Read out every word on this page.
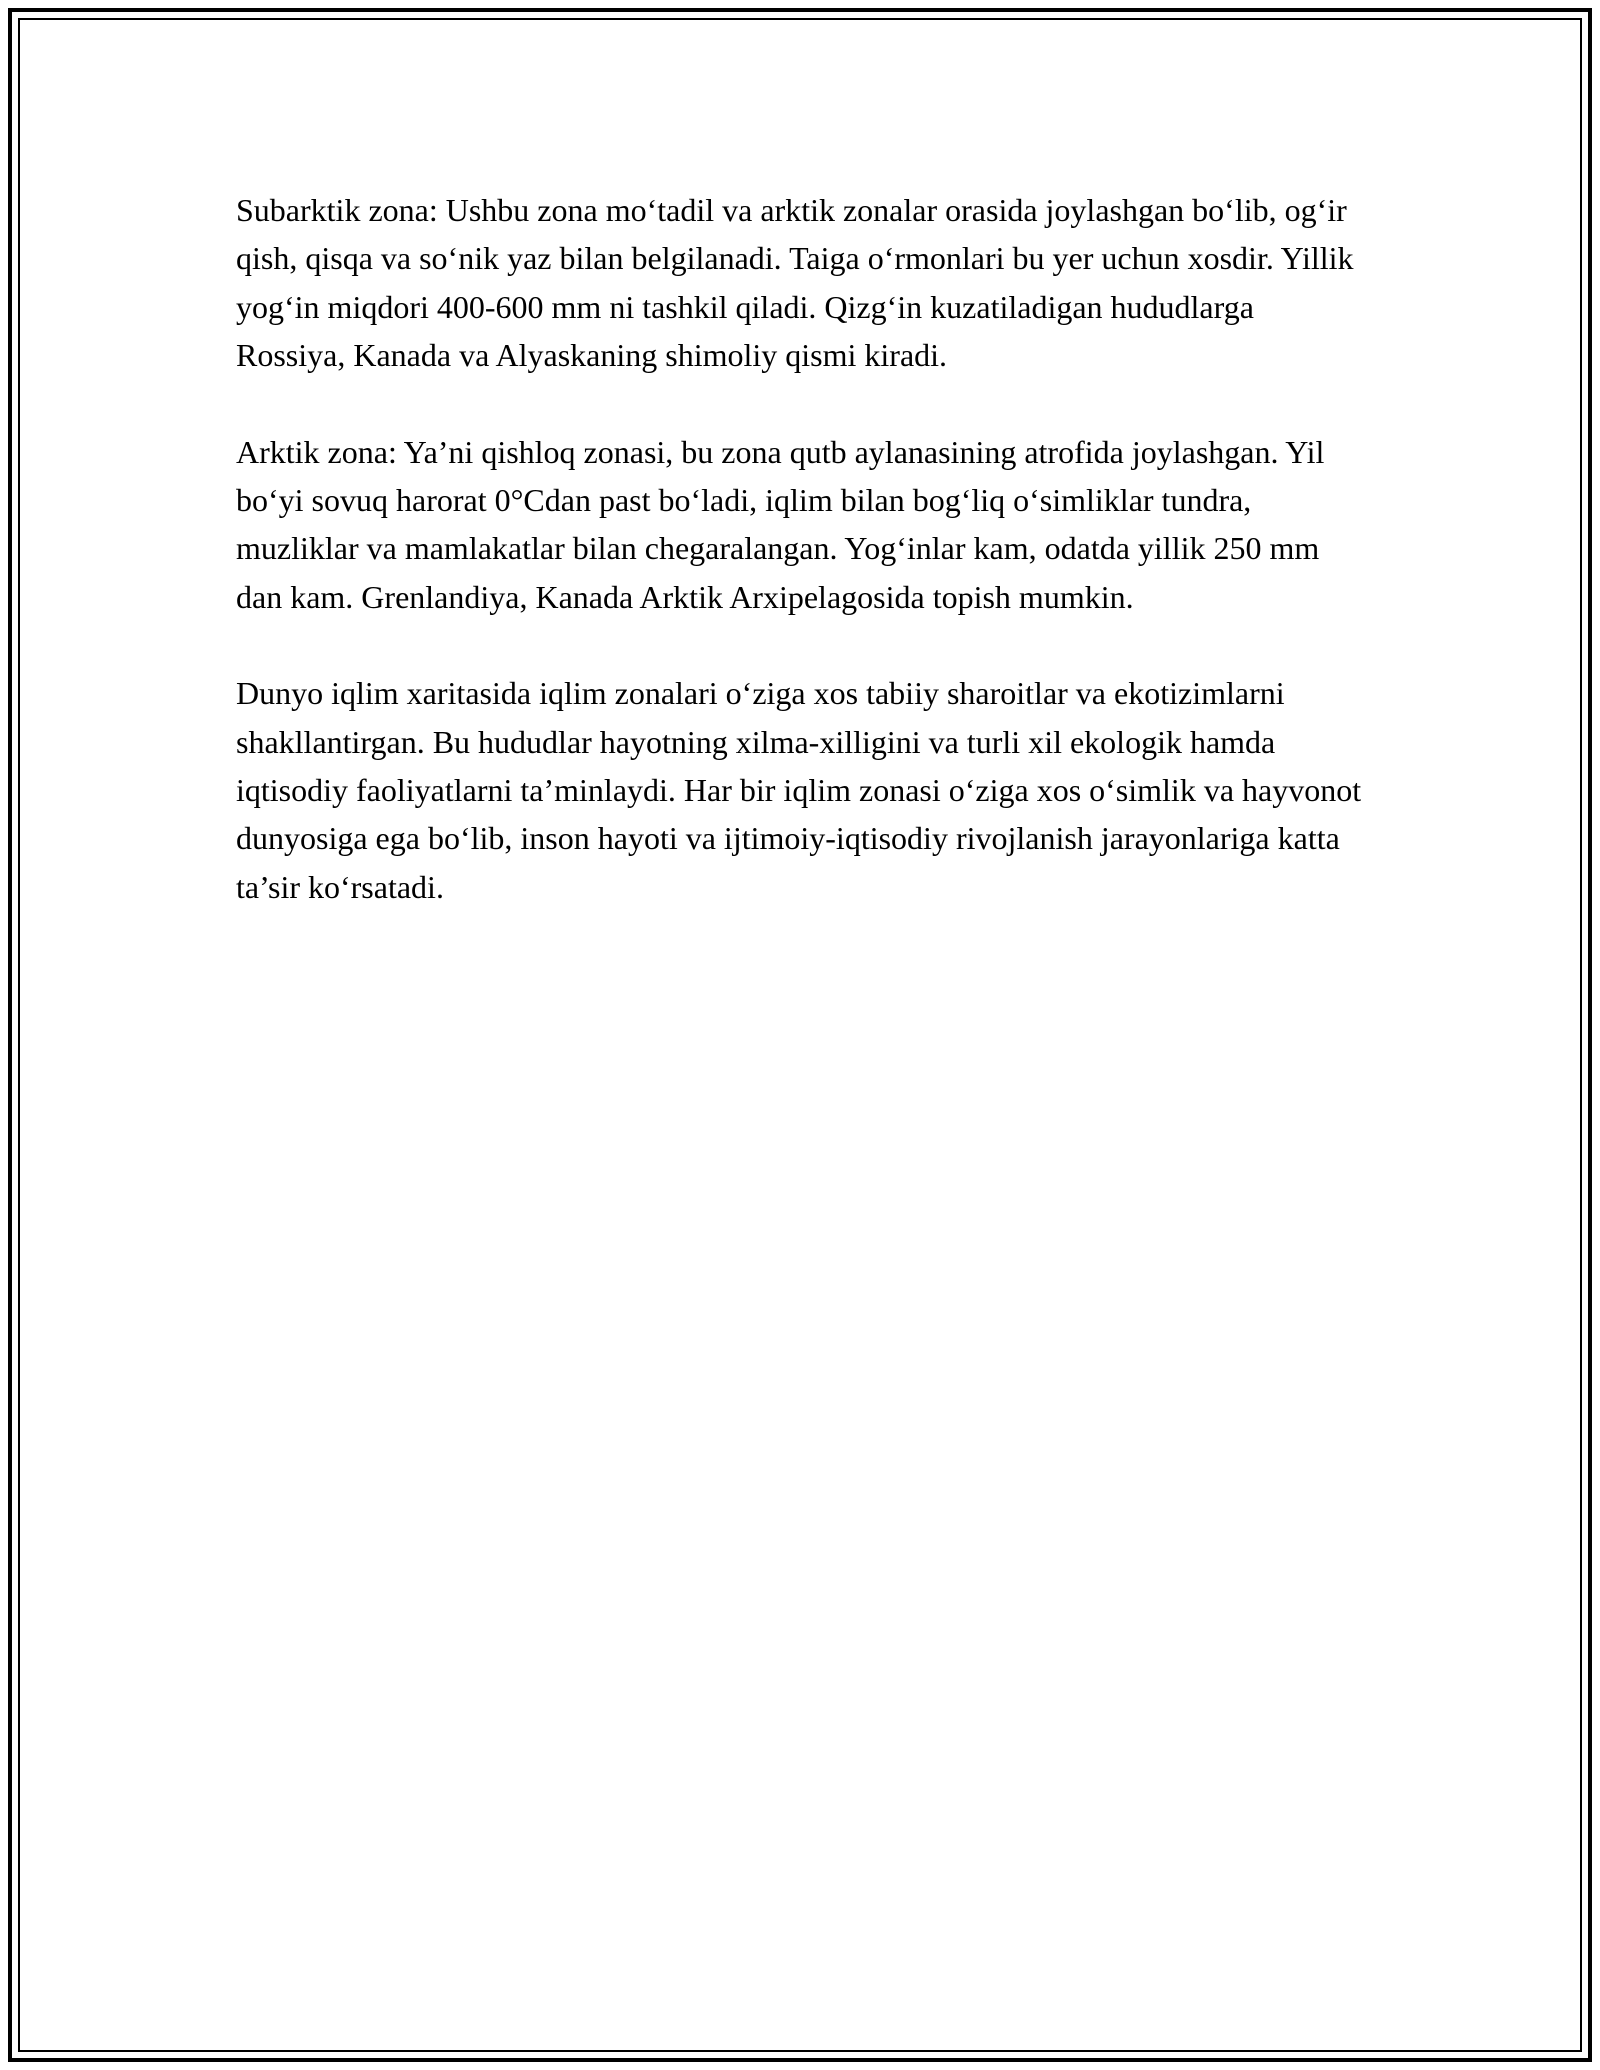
Subarktik zona: Ushbu zona mo‘tadil va arktik zonalar orasida joylashgan bo‘lib, og‘ir qish, qisqa va so‘nik yaz bilan belgilanadi. Taiga o‘rmonlari bu yer uchun xosdir. Yillik yog‘in miqdori 400-600 mm ni tashkil qiladi. Qizg‘in kuzatiladigan hududlarga Rossiya, Kanada va Alyaskaning shimoliy qismi kiradi.

Arktik zona: Ya’ni qishloq zonasi, bu zona qutb aylanasining atrofida joylashgan. Yil bo‘yi sovuq harorat 0°Cdan past bo‘ladi, iqlim bilan bog‘liq o‘simliklar tundra, muzliklar va mamlakatlar bilan chegaralangan. Yog‘inlar kam, odatda yillik 250 mm dan kam. Grenlandiya, Kanada Arktik Arxipelagosida topish mumkin.

Dunyo iqlim xaritasida iqlim zonalari o‘ziga xos tabiiy sharoitlar va ekotizimlarni shakllantirgan. Bu hududlar hayotning xilma-xilligini va turli xil ekologik hamda iqtisodiy faoliyatlarni ta’minlaydi. Har bir iqlim zonasi o‘ziga xos o‘simlik va hayvonot dunyosiga ega bo‘lib, inson hayoti va ijtimoiy-iqtisodiy rivojlanish jarayonlariga katta ta’sir ko‘rsatadi.
